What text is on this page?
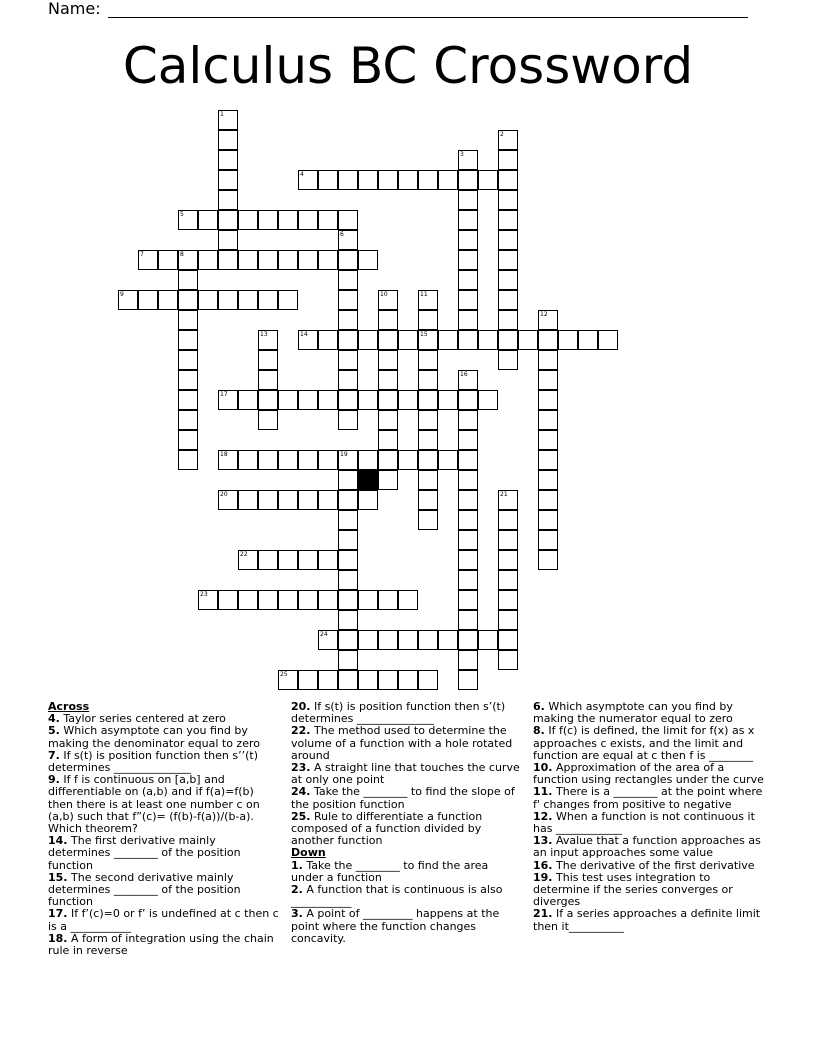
Name:
Calculus BC Crossword
1
2
3
4
5
6
7	8
9	10	11
15
12
13	14
16
17
18	19
20	21
22
23
24
25

Across

4. Taylor series centered at zero

5. Which asymptote can you find by making the denominator equal to zero

7. If s(t) is position function then s’’(t) determines ______________

9. If f is continuous on [a,b] and differentiable on (a,b) and if f(a)=f(b) then there is at least one number c on (a,b) such that f”(c)= (f(b)-f(a))/(b-a). Which theorem?

14. The first derivative mainly determines ________ of the position function

15. The second derivative mainly determines ________ of the position function

17. If f’(c)=0 or f’ is undefined at c then c is a ___________

18. A form of integration using the chain rule in reverse

20. If s(t) is position function then s’(t) determines ______________

22. The method used to determine the volume of a function with a hole rotated around

23. A straight line that touches the curve at only one point

24. Take the ________ to find the slope of the position function

25. Rule to differentiate a function composed of a function divided by another function

Down

1. Take the ________ to find the area under a function

2. A function that is continuous is also ___________

3. A point of _________ happens at the point where the function changes concavity.

6. Which asymptote can you find by making the numerator equal to zero

8. If f(c) is defined, the limit for f(x) as x approaches c exists, and the limit and function are equal at c then f is ________

10. Approximation of the area of a function using rectangles under the curve

11. There is a ________ at the point where f' changes from positive to negative

12. When a function is not continuous it has ____________

13. Avalue that a function approaches as an input approaches some value

16. The derivative of the first derivative

19. This test uses integration to determine if the series converges or diverges

21. If a series approaches a definite limit then it__________
